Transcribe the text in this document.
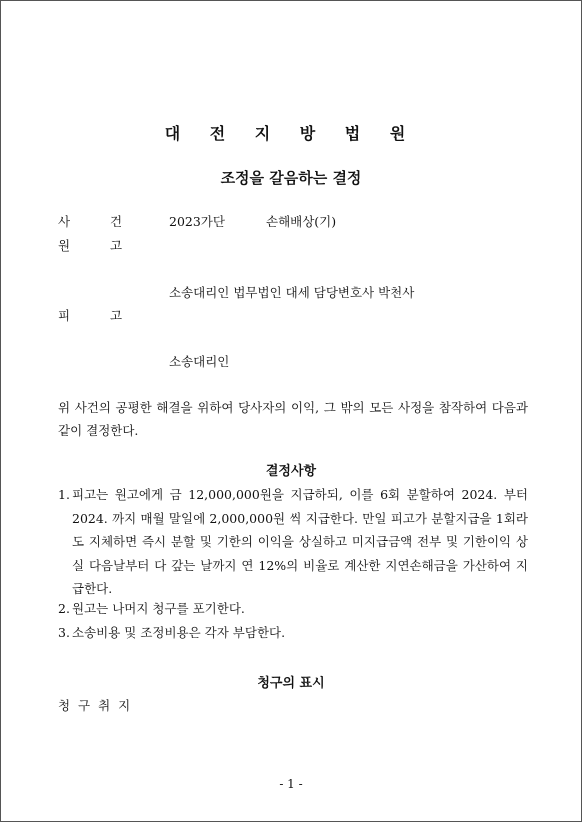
대 전 지 방 법 원
조정을 갈음하는 결정
사	건	2023가단	손해배상(기)
원	고
소송대리인 법무법인 대세 담당변호사 박천사
피	고
소송대리인
위 사건의 공평한 해결을 위하여 당사자의 이익, 그 밖의 모든 사정을 참작하여 다음과 같이 결정한다.
결정사항
1. 피고는 원고에게 금 12,000,000원을 지급하되, 이를 6회 분할하여 2024. 부터 2024. 까지 매월 말일에 2,000,000원 씩 지급한다. 만일 피고가 분할지급을 1회라도 지체하면 즉시 분할 및 기한의 이익을 상실하고 미지급금액 전부 및 기한이익 상실 다음날부터 다 갚는 날까지 연 12%의 비율로 계산한 지연손해금을 가산하여 지급한다.
2. 원고는 나머지 청구를 포기한다.
3. 소송비용 및 조정비용은 각자 부담한다.
청구의 표시
청 구 취 지
- 1 -
